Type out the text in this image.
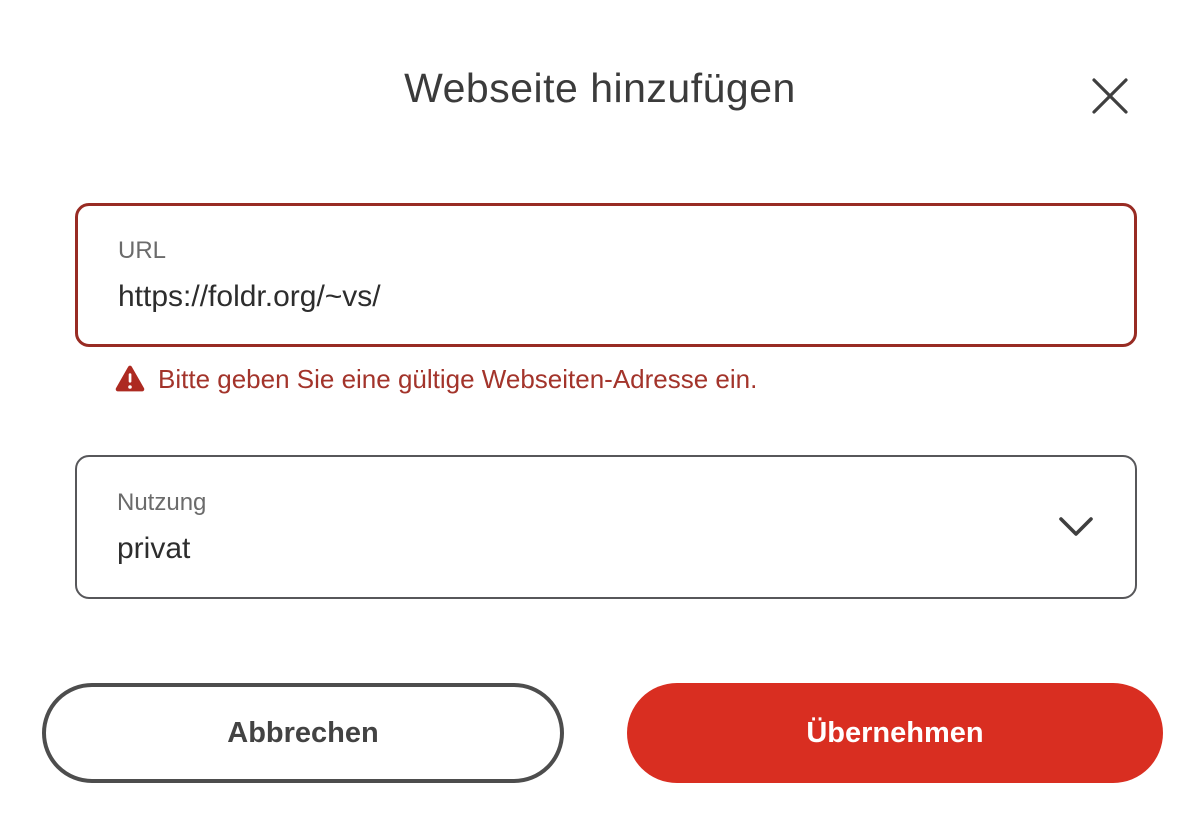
Webseite hinzufügen
URL
https://foldr.org/~vs/
Bitte geben Sie eine gültige Webseiten-Adresse ein.
Nutzung
privat
Abbrechen	Übernehmen
